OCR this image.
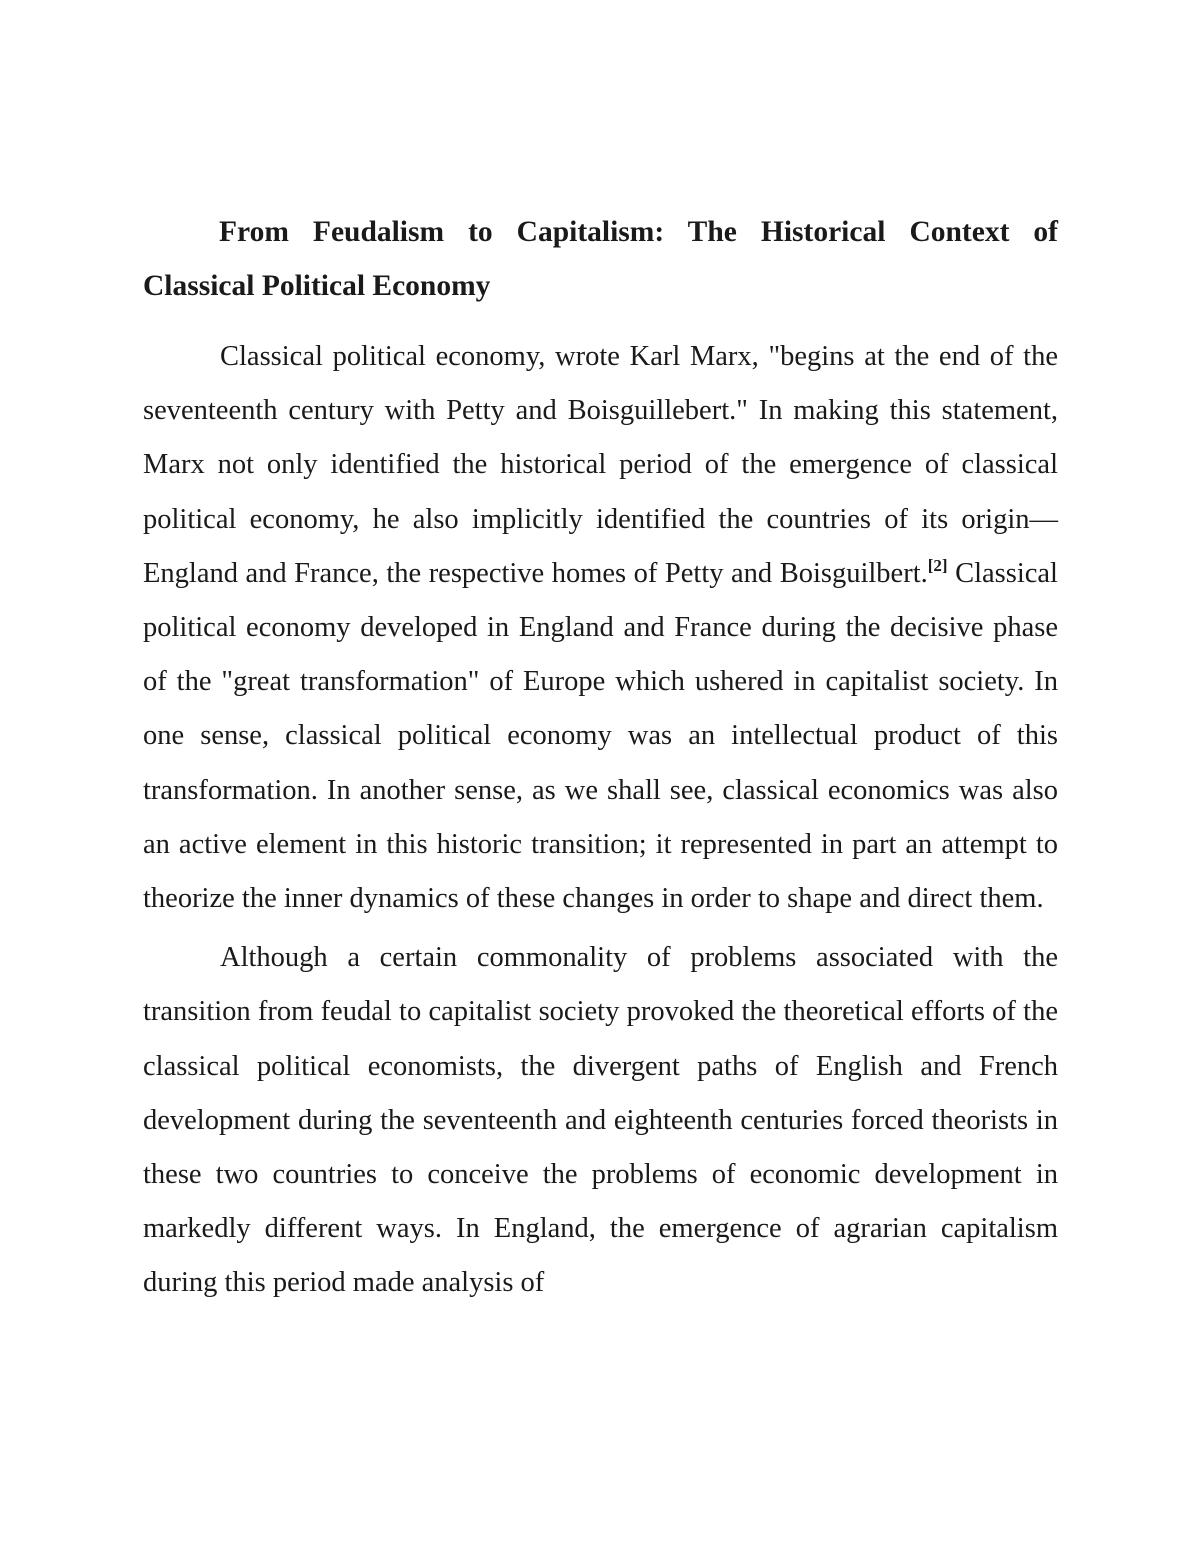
From Feudalism to Capitalism: The Historical Context of Classical Political Economy

Classical political economy, wrote Karl Marx, "begins at the end of the seventeenth century with Petty and Boisguillebert." In making this statement, Marx not only identified the historical period of the emergence of classical political economy, he also implicitly identified the countries of its origin—England and France, the respective homes of Petty and Boisguilbert.[2] Classical political economy developed in England and France during the decisive phase of the "great transformation" of Europe which ushered in capitalist society. In one sense, classical political economy was an intellectual product of this transformation. In another sense, as we shall see, classical economics was also an active element in this historic transition; it represented in part an attempt to theorize the inner dynamics of these changes in order to shape and direct them.

Although a certain commonality of problems associated with the transition from feudal to capitalist society provoked the theoretical efforts of the classical political economists, the divergent paths of English and French development during the seventeenth and eighteenth centuries forced theorists in these two countries to conceive the problems of economic development in markedly different ways. In England, the emergence of agrarian capitalism during this period made analysis of
